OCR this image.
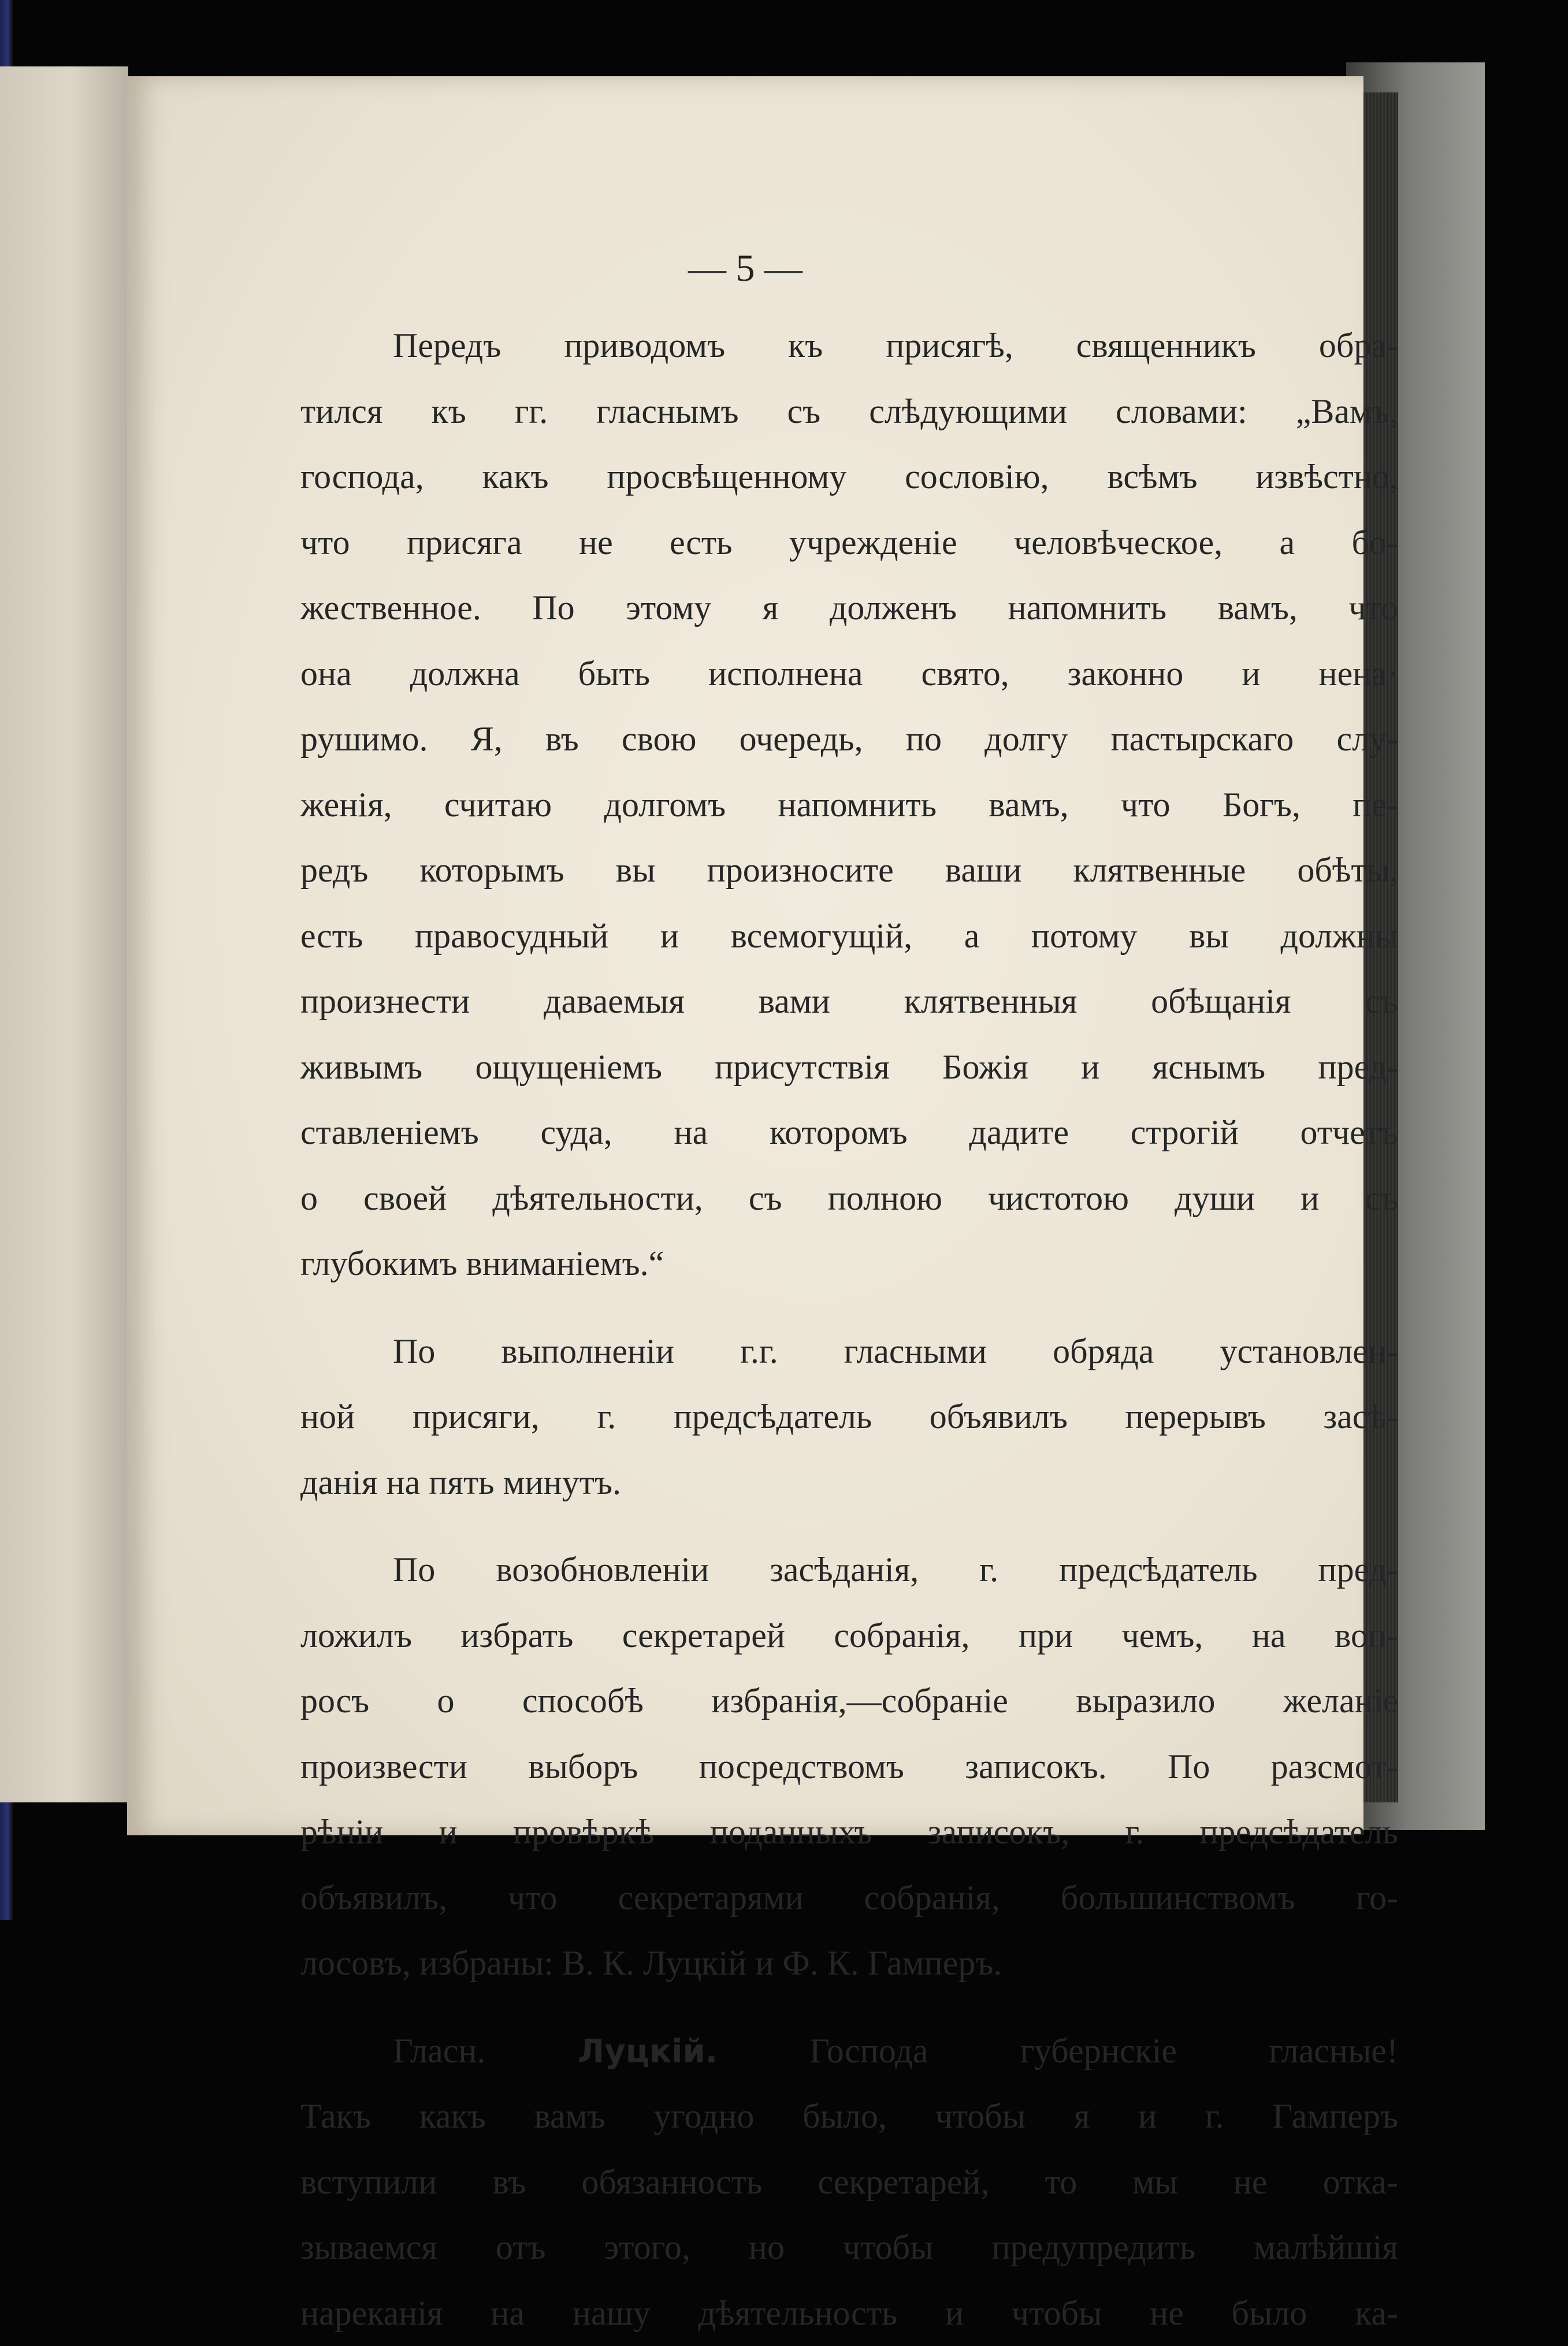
— 5 —
Передъ приводомъ къ присягѣ, священникъ обра-
тился къ гг. гласнымъ съ слѣдующими словами: „Вамъ,
господа, какъ просвѣщенному сословію, всѣмъ извѣстно,
что присяга не есть учрежденіе человѣческое, а бо-
жественное. По этому я долженъ напомнить вамъ, что
она должна быть исполнена свято, законно и нена·
рушимо. Я, въ свою очередь, по долгу пастырскаго слу-
женія, считаю долгомъ напомнить вамъ, что Богъ, пе-
редъ которымъ вы произносите ваши клятвенные обѣты,
есть правосудный и всемогущій, а потому вы должны
произнести даваемыя вами клятвенныя обѣщанія съ
живымъ ощущеніемъ присутствія Божія и яснымъ пред-
ставленіемъ суда, на которомъ дадите строгій отчетъ
о своей дѣятельности, съ полною чистотою души и съ
глубокимъ вниманіемъ.“
По выполненіи г.г. гласными обряда установлен-
ной присяги, г. предсѣдатель объявилъ перерывъ засѣ-
данія на пять минутъ.
По возобновленіи засѣданія, г. предсѣдатель пред-
ложилъ избрать секретарей собранія, при чемъ, на воп-
росъ о способѣ избранія,—собраніе выразило желаніе
произвести выборъ посредствомъ записокъ. По разсмот-
рѣніи и провѣркѣ поданныхъ записокъ, г. предсѣдатель
объявилъ, что секретарями собранія, большинствомъ го-
лосовъ, избраны: В. К. Луцкій и Ф. К. Гамперъ.
Гласн.	Луцкій.	Господа губернскіе гласные!
Такъ какъ вамъ угодно было, чтобы я и г. Гамперъ
вступили въ обязанность секретарей, то мы не отка-
зываемся отъ этого, но чтобы предупредить малѣйшія
нареканія на нашу дѣятельность и чтобы не было ка-
